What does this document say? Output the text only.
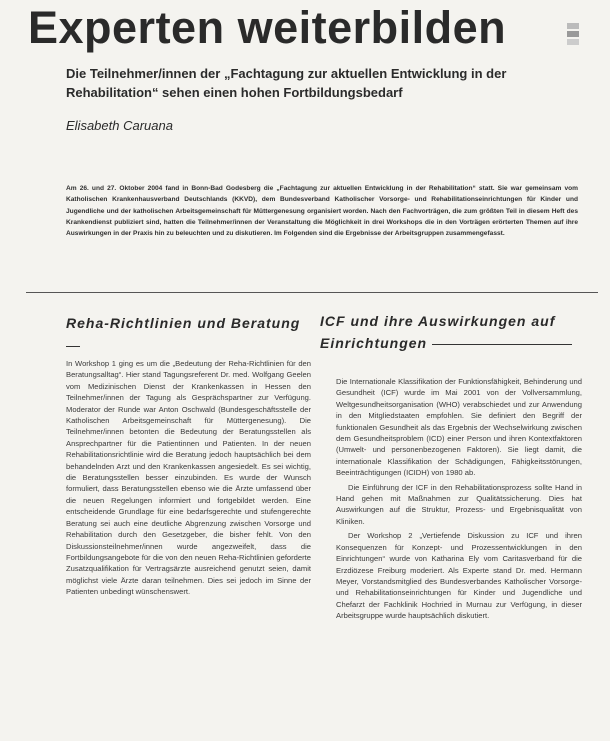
Experten weiterbilden
Die Teilnehmer/innen der „Fachtagung zur aktuellen Entwicklung in der Rehabilitation“ sehen einen hohen Fortbildungsbedarf
Elisabeth Caruana
Am 26. und 27. Oktober 2004 fand in Bonn-Bad Godesberg die „Fachtagung zur aktuellen Entwicklung in der Rehabilitation“ statt. Sie war gemeinsam vom Katholischen Krankenhausverband Deutschlands (KKVD), dem Bundesverband Katholischer Vorsorge- und Rehabilitationseinrichtungen für Kinder und Jugendliche und der katholischen Arbeitsgemeinschaft für Müttergenesung organisiert worden. Nach den Fachvorträgen, die zum größten Teil in diesem Heft des Krankendienst publiziert sind, hatten die Teilnehmer/innen der Veranstaltung die Möglichkeit in drei Workshops die in den Vorträgen erörterten Themen auf ihre Auswirkungen in der Praxis hin zu beleuchten und zu diskutieren. Im Folgenden sind die Ergebnisse der Arbeitsgruppen zusammengefasst.
Reha-Richtlinien und Beratung	ICF und ihre Auswirkungen auf Einrichtungen

In Workshop 1 ging es um die „Bedeutung der Reha-Richtlinien für den Beratungsalltag“. Hier stand Tagungsreferent Dr. med. Wolfgang Geelen vom Medizinischen Dienst der Krankenkassen in Hessen den Teilnehmer/innen der Tagung als Gesprächspartner zur Verfügung. Moderator der Runde war Anton Oschwald (Bundesgeschäftsstelle der Katholischen Arbeitsgemeinschaft für Müttergenesung). Die Teilnehmer/innen betonten die Bedeutung der Beratungsstellen als Ansprechpartner für die Patientinnen und Patienten. In der neuen Rehabilitationsrichtlinie wird die Beratung jedoch hauptsächlich bei dem behandelnden Arzt und den Krankenkassen angesiedelt. Es sei wichtig, die Beratungsstellen besser einzubinden. Es wurde der Wunsch formuliert, dass Beratungsstellen ebenso wie die Ärzte umfassend über die neuen Regelungen informiert und fortgebildet werden. Eine entscheidende Grundlage für eine bedarfsgerechte und stufengerechte Beratung sei auch eine deutliche Abgrenzung zwischen Vorsorge und Rehabilitation durch den Gesetzgeber, die bisher fehlt. Von den Diskussionsteilnehmer/innen wurde angezweifelt, dass die Fortbildungsangebote für die von den neuen Reha-Richtlinien geforderte Zusatzqualifikation für Vertragsärzte ausreichend genutzt seien, damit möglichst viele Ärzte daran teilnehmen. Dies sei jedoch im Sinne der Patienten unbedingt wünschenswert.

Die Internationale Klassifikation der Funktionsfähigkeit, Behinderung und Gesundheit (ICF) wurde im Mai 2001 von der Vollversammlung, Weltgesundheitsorganisation (WHO) verabschiedet und zur Anwendung in den Mitgliedstaaten empfohlen. Sie definiert den Begriff der funktionalen Gesundheit als das Ergebnis der Wechselwirkung zwischen dem Gesundheitsproblem (ICD) einer Person und ihren Kontextfaktoren (Umwelt- und personenbezogenen Faktoren). Sie liegt damit, die internationale Klassifikation der Schädigungen, Fähigkeitsstörungen, Beeinträchtigungen (ICIDH) von 1980 ab.

Die Einführung der ICF in den Rehabilitationsprozess sollte Hand in Hand gehen mit Maßnahmen zur Qualitätssicherung. Dies hat Auswirkungen auf die Struktur, Prozess- und Ergebnisqualität von Kliniken.

Der Workshop 2 „Vertiefende Diskussion zu ICF und ihren Konsequenzen für Konzept- und Prozessentwicklungen in den Einrichtungen“ wurde von Katharina Ely vom Caritasverband für die Erzdiözese Freiburg moderiert. Als Experte stand Dr. med. Hermann Meyer, Vorstandsmitglied des Bundesverbandes Katholischer Vorsorge- und Rehabilitationseinrichtungen für Kinder und Jugendliche und Chefarzt der Fachklinik Hochried in Murnau zur Verfügung, in dieser Arbeitsgruppe wurde hauptsächlich diskutiert.
